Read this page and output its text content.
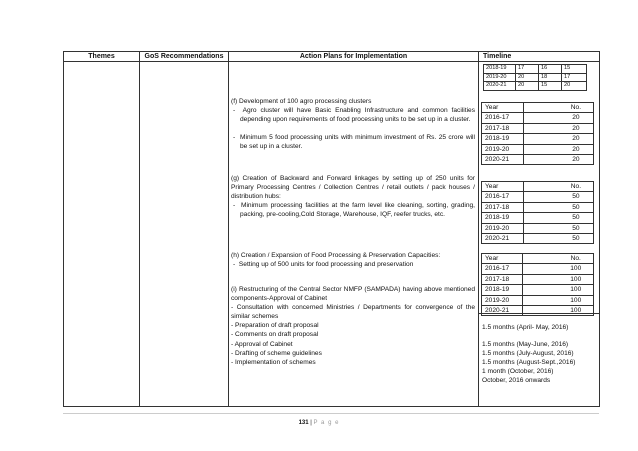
Themes	GoS Recommendations	Action Plans for Implementation	Timeline

2018-19	17	16	15
2019-20	20	18	17
2020-21	20	15	20
(f) Development of 100 agro processing clusters
-  Agro cluster will have Basic Enabling Infrastructure and common facilities depending upon requirements of food processing units to be set up in a cluster.
-  Minimum 5 food processing units with minimum investment of Rs. 25 crore will be set up in a cluster.
(g) Creation of Backward and Forward linkages by setting up of 250 units for Primary Processing Centres / Collection Centres / retail outlets / pack houses / distribution hubs:
-  Minimum processing facilities at the farm level like cleaning, sorting, grading, packing, pre-cooling,Cold Storage, Warehouse, IQF, reefer trucks, etc.
(h) Creation / Expansion of Food Processing & Preservation Capacities:
-  Setting up of 500 units for food processing and preservation
(i) Restructuring of the Central Sector NMFP (SAMPADA) having above mentioned components-Approval of Cabinet
- Consultation with concerned Ministries / Departments for convergence of the similar schemes
- Preparation of draft proposal
- Comments on draft proposal
- Approval of Cabinet
- Drafting of scheme guidelines
- Implementation of schemes
Year	No.
2016-17	20
2017-18	20
2018-19	20
2019-20	20
2020-21	20
Year	No.
2016-17	50
2017-18	50
2018-19	50
2019-20	50
2020-21	50
Year	No.
2016-17	100
2017-18	100
2018-19	100
2019-20	100
2020-21	100
1.5 months (April- May, 2016)
1.5 months (May-June, 2016)
1.5 months (July-August, 2016)
1.5 months (August-Sept.,2016)
1 month (October, 2016)
October, 2016 onwards
131 | P a g e
